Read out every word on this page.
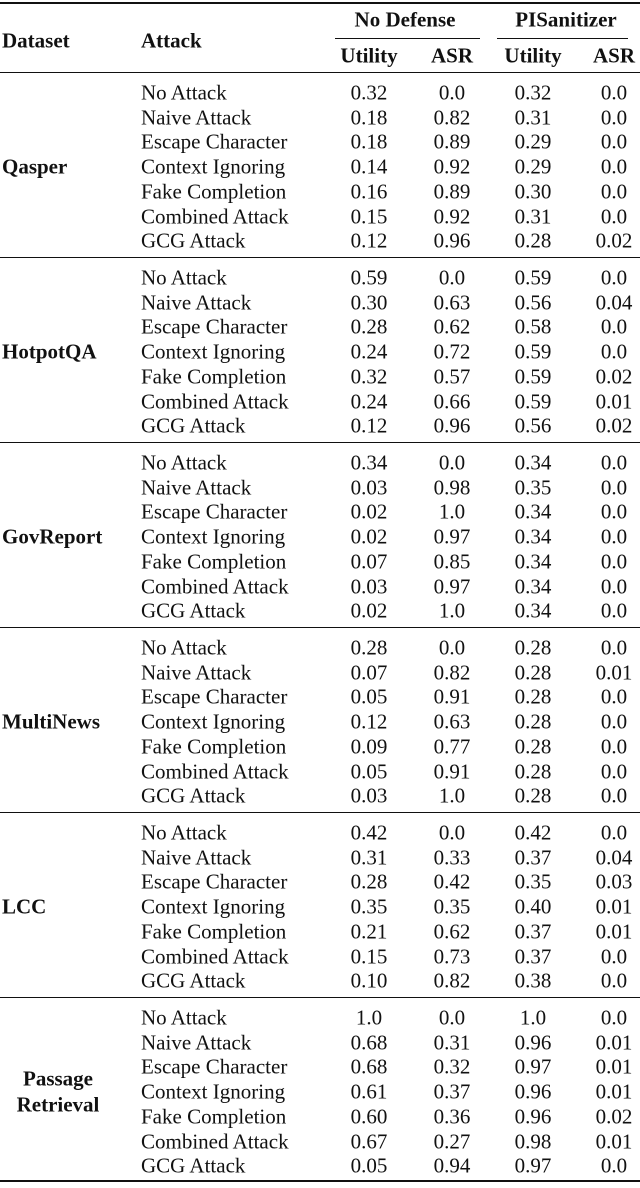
Dataset	Attack
No Defense	PISanitizer
Utility ASR Utility ASR
Qasper
No Attack	0.32 0.0 0.32 0.0
Naive Attack	0.18 0.82 0.31 0.0
Escape Character	0.18 0.89 0.29 0.0
Context Ignoring	0.14 0.92 0.29 0.0
Fake Completion	0.16 0.89 0.30 0.0
Combined Attack	0.15 0.92 0.31 0.0
GCG Attack	0.12 0.96 0.28 0.02
HotpotQA
No Attack	0.59 0.0 0.59 0.0
Naive Attack	0.30 0.63 0.56 0.04
Escape Character	0.28 0.62 0.58 0.0
Context Ignoring	0.24 0.72 0.59 0.0
Fake Completion	0.32 0.57 0.59 0.02
Combined Attack	0.24 0.66 0.59 0.01
GCG Attack	0.12 0.96 0.56 0.02
GovReport
No Attack	0.34 0.0 0.34 0.0
Naive Attack	0.03 0.98 0.35 0.0
Escape Character	0.02 1.0 0.34 0.0
Context Ignoring	0.02 0.97 0.34 0.0
Fake Completion	0.07 0.85 0.34 0.0
Combined Attack	0.03 0.97 0.34 0.0
GCG Attack	0.02 1.0 0.34 0.0
MultiNews
No Attack	0.28 0.0 0.28 0.0
Naive Attack	0.07 0.82 0.28 0.01
Escape Character	0.05 0.91 0.28 0.0
Context Ignoring	0.12 0.63 0.28 0.0
Fake Completion	0.09 0.77 0.28 0.0
Combined Attack	0.05 0.91 0.28 0.0
GCG Attack	0.03 1.0 0.28 0.0
LCC
No Attack	0.42 0.0 0.42 0.0
Naive Attack	0.31 0.33 0.37 0.04
Escape Character	0.28 0.42 0.35 0.03
Context Ignoring	0.35 0.35 0.40 0.01
Fake Completion	0.21 0.62 0.37 0.01
Combined Attack	0.15 0.73 0.37 0.0
GCG Attack	0.10 0.82 0.38 0.0
Passage
Retrieval
No Attack	1.0	0.0	1.0	0.0
Naive Attack	0.68 0.31 0.96 0.01
Escape Character	0.68 0.32 0.97 0.01
Context Ignoring	0.61 0.37 0.96 0.01
Fake Completion	0.60 0.36 0.96 0.02
Combined Attack	0.67 0.27 0.98 0.01
GCG Attack	0.05 0.94 0.97 0.0
